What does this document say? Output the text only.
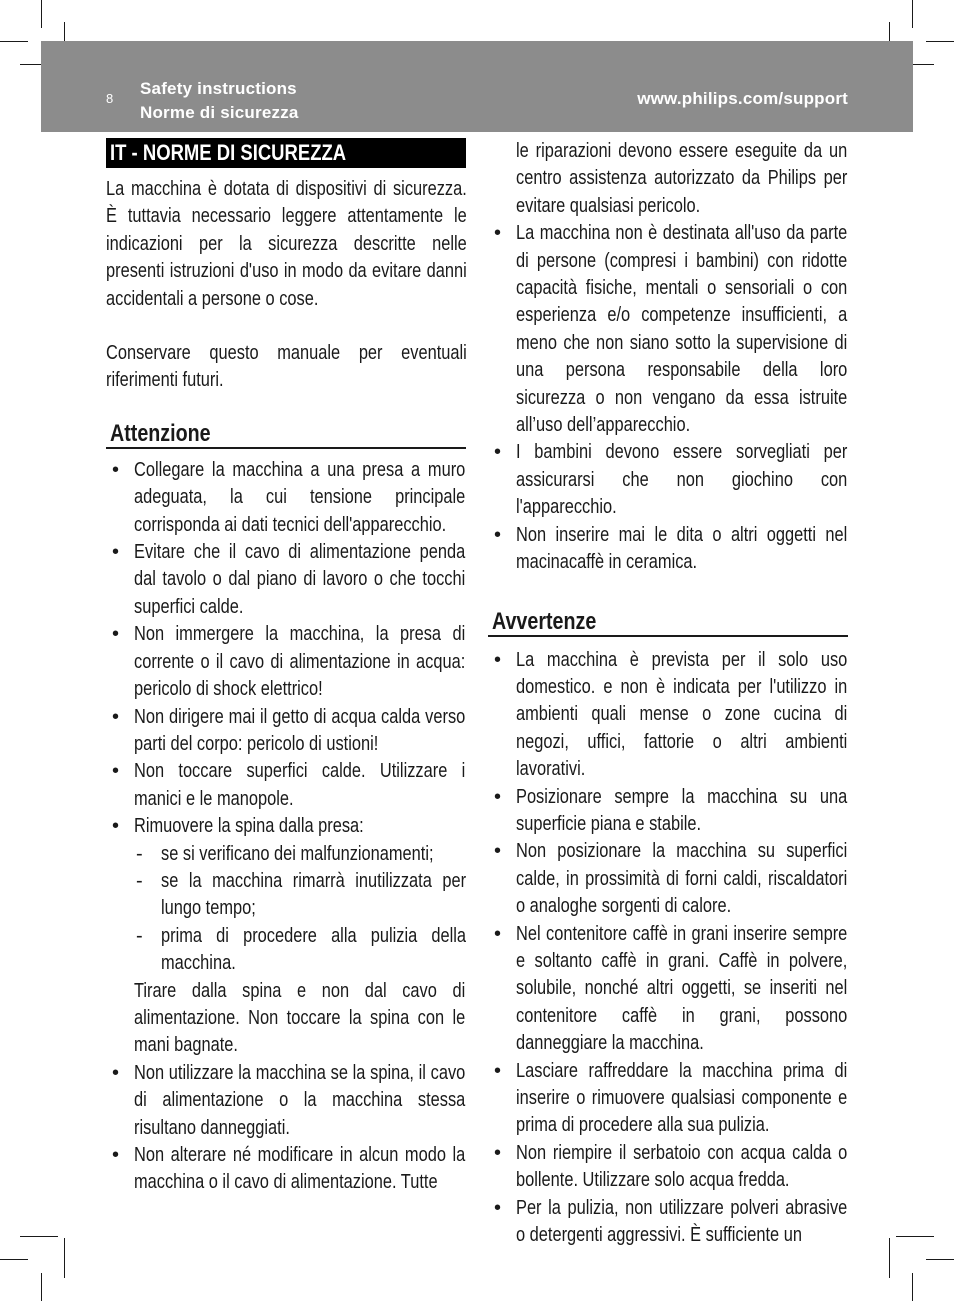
8
Safety instructions
Norme di sicurezza
www.philips.com/support
IT - NORME DI SICUREZZA

La macchina è dotata di dispositivi di sicurezza. È tuttavia necessario leggere attentamente le indicazioni per la sicurezza descritte nelle presenti istruzioni d'uso in modo da evitare danni accidentali a persone o cose.

Conservare questo manuale per eventuali riferimenti futuri.

Attenzione
• Collegare la macchina a una presa a muro adeguata, la cui tensione principale corrisponda ai dati tecnici dell'apparecchio.
• Evitare che il cavo di alimentazione penda dal tavolo o dal piano di lavoro o che tocchi superfici calde.
• Non immergere la macchina, la presa di corrente o il cavo di alimentazione in acqua: pericolo di shock elettrico!
• Non dirigere mai il getto di acqua calda verso parti del corpo: pericolo di ustioni!
• Non toccare superfici calde. Utilizzare i manici e le manopole.
• Rimuovere la spina dalla presa:
- se si verificano dei malfunzionamenti;
- se la macchina rimarrà inutilizzata per lungo tempo;
- prima di procedere alla pulizia della macchina.
Tirare dalla spina e non dal cavo di alimentazione. Non toccare la spina con le mani bagnate.
• Non utilizzare la macchina se la spina, il cavo di alimentazione o la macchina stessa risultano danneggiati.
• Non alterare né modificare in alcun modo la macchina o il cavo di alimentazione. Tutte
le riparazioni devono essere eseguite da un centro assistenza autorizzato da Philips per evitare qualsiasi pericolo.
• La macchina non è destinata all'uso da parte di persone (compresi i bambini) con ridotte capacità fisiche, mentali o sensoriali o con esperienza e/o competenze insufficienti, a meno che non siano sotto la supervisione di una persona responsabile della loro sicurezza o non vengano da essa istruite all’uso dell’apparecchio.
• I bambini devono essere sorvegliati per assicurarsi che non giochino con l'apparecchio.
• Non inserire mai le dita o altri oggetti nel macinacaffè in ceramica.
Avvertenze
• La macchina è prevista per il solo uso domestico. e non è indicata per l'utilizzo in ambienti quali mense o zone cucina di negozi, uffici, fattorie o altri ambienti lavorativi.
• Posizionare sempre la macchina su una superficie piana e stabile.
• Non posizionare la macchina su superfici calde, in prossimità di forni caldi, riscaldatori o analoghe sorgenti di calore.
• Nel contenitore caffè in grani inserire sempre e soltanto caffè in grani. Caffè in polvere, solubile, nonché altri oggetti, se inseriti nel contenitore caffè in grani, possono danneggiare la macchina.
• Lasciare raffreddare la macchina prima di inserire o rimuovere qualsiasi componente e prima di procedere alla sua pulizia.
• Non riempire il serbatoio con acqua calda o bollente. Utilizzare solo acqua fredda.
• Per la pulizia, non utilizzare polveri abrasive o detergenti aggressivi. È sufficiente un
